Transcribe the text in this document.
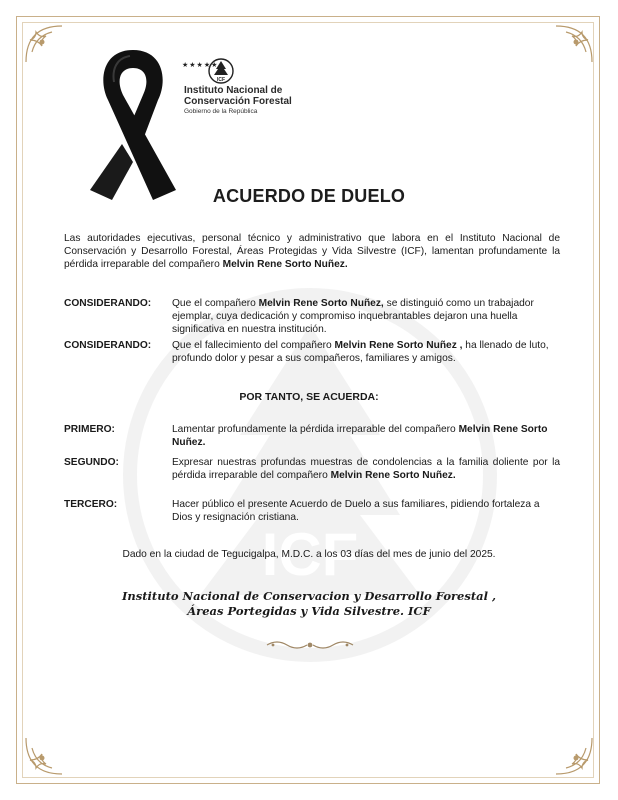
ICF
★★★★★
ICF
Instituto Nacional de
Conservación Forestal
Gobierno de la República
ACUERDO DE DUELO
Las autoridades ejecutivas, personal técnico y administrativo que labora en el Instituto Nacional de Conservación y Desarrollo Forestal, Áreas Protegidas y Vida Silvestre (ICF), lamentan profundamente la pérdida irreparable del compañero Melvin Rene Sorto Nuñez.
CONSIDERANDO: Que el compañero Melvin Rene Sorto Nuñez, se distinguió como un trabajador ejemplar, cuya dedicación y compromiso inquebrantables dejaron una huella significativa en nuestra institución.
CONSIDERANDO: Que el fallecimiento del compañero Melvin Rene Sorto Nuñez , ha llenado de luto, profundo dolor y pesar a sus compañeros, familiares y amigos.
POR TANTO, SE ACUERDA:
PRIMERO:	Lamentar profundamente la pérdida irreparable del compañero Melvin Rene Sorto Nuñez.
SEGUNDO:	Expresar nuestras profundas muestras de condolencias a la familia doliente por la pérdida irreparable del compañero Melvin Rene Sorto Nuñez.
TERCERO:	Hacer público el presente Acuerdo de Duelo a sus familiares, pidiendo fortaleza a Dios y resignación cristiana.
Dado en la ciudad de Tegucigalpa, M.D.C. a los 03 días del mes de junio del 2025.
Instituto Nacional de Conservacion y Desarrollo Forestal ,
Áreas Portegidas y Vida Silvestre. ICF
